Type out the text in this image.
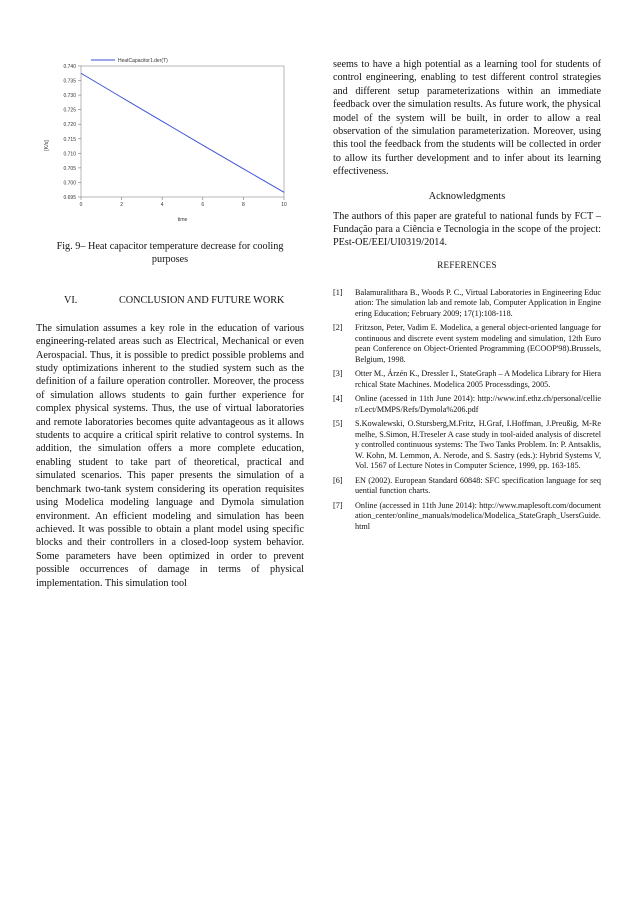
0.695
0.700
0.705
0.710
0.715
0.720
0.725
0.730
0.735
0.740
0	2	4	6	8	10
time
[K/s]
HeatCapacitor1.der(T)
Fig. 9– Heat capacitor temperature decrease for cooling purposes
VI.	CONCLUSION AND FUTURE WORK
The simulation assumes a key role in the education of various engineering-related areas such as Electrical, Mechanical or even Aerospacial. Thus, it is possible to predict possible problems and study optimizations inherent to the studied system such as the definition of a failure operation controller. Moreover, the process of simulation allows students to gain further experience for complex physical systems. Thus, the use of virtual laboratories and remote laboratories becomes quite advantageous as it allows students to acquire a critical spirit relative to control systems. In addition, the simulation offers a more complete education, enabling student to take part of theoretical, practical and simulated scenarios. This paper presents the simulation of a benchmark two-tank system considering its operation requisites using Modelica modeling language and Dymola simulation environment. An efficient modeling and simulation has been achieved. It was possible to obtain a plant model using specific blocks and their controllers in a closed-loop system behavior. Some parameters have been optimized in order to prevent possible occurrences of damage in terms of physical implementation. This simulation tool
seems to have a high potential as a learning tool for students of control engineering, enabling to test different control strategies and different setup parameterizations within an immediate feedback over the simulation results. As future work, the physical model of the system will be built, in order to allow a real observation of the simulation parameterization. Moreover, using this tool the feedback from the students will be collected in order to allow its further development and to infer about its learning effectiveness.
Acknowledgments
The authors of this paper are grateful to national funds by FCT – Fundação para a Ciência e Tecnologia in the scope of the project: PEst-OE/EEI/UI0319/2014.
REFERENCES
[1]	Balamuralithara B., Woods P. C., Virtual Laboratories in Engineering Education: The simulation lab and remote lab, Computer Application in Engineering Education; February 2009; 17(1):108-118.
[2]	Fritzson, Peter, Vadim E. Modelica, a general object-oriented language for continuous and discrete event system modeling and simulation, 12th European Conference on Object-Oriented Programming (ECOOP'98).Brussels, Belgium, 1998.
[3]	Otter M., Árzén K., Dressler I., StateGraph – A Modelica Library for Hierarchical State Machines. Modelica 2005 Processdings, 2005.
[4]	Online (acessed in 11th June 2014): http://www.inf.ethz.ch/personal/cellier/Lect/MMPS/Refs/Dymola%206.pdf
[5]	S.Kowalewski, O.Stursberg,M.Fritz, H.Graf, I.Hoffman, J.Preußig, M-Remelhe, S.Simon, H.Treseler A case study in tool-aided analysis of discretely controlled continuous systems: The Two Tanks Problem. In: P. Antsaklis, W. Kohn, M. Lemmon, A. Nerode, and S. Sastry (eds.): Hybrid Systems V, Vol. 1567 of Lecture Notes in Computer Science, 1999, pp. 163-185.
[6]	EN (2002). European Standard 60848: SFC specification language for sequential function charts.
[7]	Online (accessed in 11th June 2014): http://www.maplesoft.com/documentation_center/online_manuals/modelica/Modelica_StateGraph_UsersGuide.html
